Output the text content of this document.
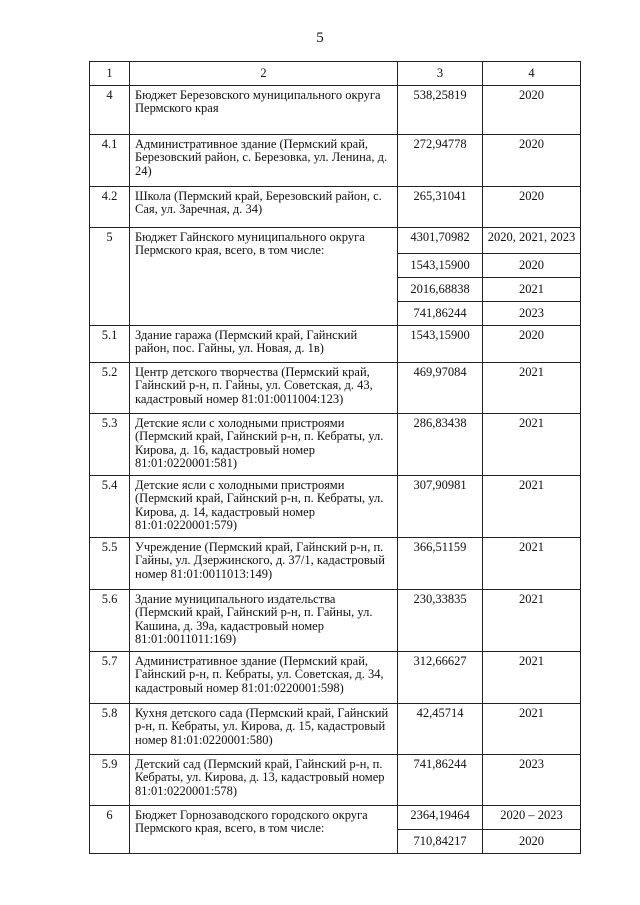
5
1	2	3	4
4	Бюджет Березовского муниципального округа Пермского края	538,25819	2020
4.1	Административное здание (Пермский край, Березовский район, с. Березовка, ул. Ленина, д. 24)	272,94778	2020
4.2	Школа (Пермский край, Березовский район, с. Сая, ул. Заречная, д. 34)	265,31041	2020
5	Бюджет Гайнского муниципального округа Пермского края, всего, в том числе:	4301,70982	2020, 2021, 2023
		1543,15900	2020
		2016,68838	2021
		741,86244	2023
5.1	Здание гаража (Пермский край, Гайнский район, пос. Гайны, ул. Новая, д. 1в)	1543,15900	2020
5.2	Центр детского творчества (Пермский край, Гайнский р-н, п. Гайны, ул. Советская, д. 43, кадастровый номер 81:01:0011004:123)	469,97084	2021
5.3	Детские ясли с холодными пристроями (Пермский край, Гайнский р-н, п. Кебраты, ул. Кирова, д. 16, кадастровый номер 81:01:0220001:581)	286,83438	2021
5.4	Детские ясли с холодными пристроями (Пермский край, Гайнский р-н, п. Кебраты, ул. Кирова, д. 14, кадастровый номер 81:01:0220001:579)	307,90981	2021
5.5	Учреждение (Пермский край, Гайнский р-н, п. Гайны, ул. Дзержинского, д. 37/1, кадастровый номер 81:01:0011013:149)	366,51159	2021
5.6	Здание муниципального издательства (Пермский край, Гайнский р-н, п. Гайны, ул. Кашина, д. 39а, кадастровый номер 81:01:0011011:169)	230,33835	2021
5.7	Административное здание (Пермский край, Гайнский р-н, п. Кебраты, ул. Советская, д. 34, кадастровый номер 81:01:0220001:598)	312,66627	2021
5.8	Кухня детского сада (Пермский край, Гайнский р-н, п. Кебраты, ул. Кирова, д. 15, кадастровый номер 81:01:0220001:580)	42,45714	2021
5.9	Детский сад (Пермский край, Гайнский р-н, п. Кебраты, ул. Кирова, д. 13, кадастровый номер 81:01:0220001:578)	741,86244	2023
6	Бюджет Горнозаводского городского округа Пермского края, всего, в том числе:	2364,19464	2020 – 2023
		710,84217	2020
